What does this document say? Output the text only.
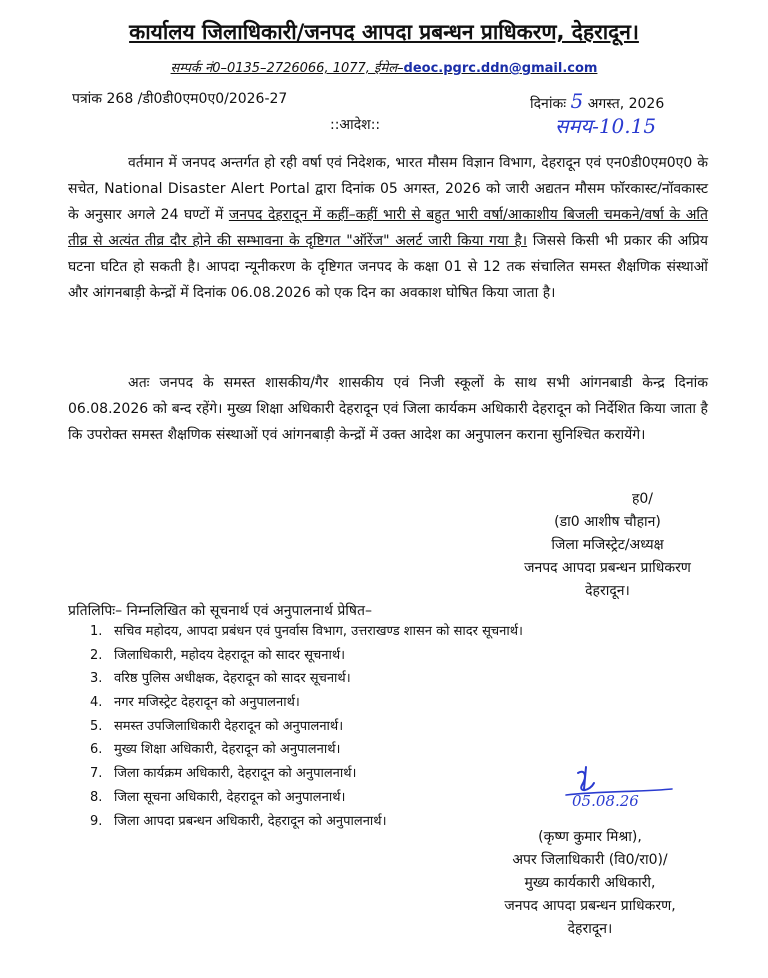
कार्यालय जिलाधिकारी/जनपद आपदा प्रबन्धन प्राधिकरण, देहरादून।
सम्पर्क नं0–0135–2726066, 1077, ईमेल–deoc.pgrc.ddn@gmail.com
पत्रांक 268 /डी0डी0एम0ए0/2026-27	दिनांकः 5 अगस्त, 2026
::आदेश::	समय-10.15

वर्तमान में जनपद अन्तर्गत हो रही वर्षा एवं निदेशक, भारत मौसम विज्ञान विभाग, देहरादून एवं एन0डी0एम0ए0 के सचेत, National Disaster Alert Portal द्वारा दिनांक 05 अगस्त, 2026 को जारी अद्यतन मौसम फॉरकास्ट/नॉवकास्ट के अनुसार अगले 24 घण्टों में जनपद देहरादून में कहीं–कहीं भारी से बहुत भारी वर्षा/आकाशीय बिजली चमकने/वर्षा के अति तीव्र से अत्यंत तीव्र दौर होने की सम्भावना के दृष्टिगत "ऑरेंज" अलर्ट जारी किया गया है। जिससे किसी भी प्रकार की अप्रिय घटना घटित हो सकती है। आपदा न्यूनीकरण के दृष्टिगत जनपद के कक्षा 01 से 12 तक संचालित समस्त शैक्षणिक संस्थाओं और आंगनबाड़ी केन्द्रों में दिनांक 06.08.2026 को एक दिन का अवकाश घोषित किया जाता है।

अतः जनपद के समस्त शासकीय/गैर शासकीय एवं निजी स्कूलों के साथ सभी आंगनबाडी केन्द्र दिनांक 06.08.2026 को बन्द रहेंगे। मुख्य शिक्षा अधिकारी देहरादून एवं जिला कार्यकम अधिकारी देहरादून को निर्देशित किया जाता है कि उपरोक्त समस्त शैक्षणिक संस्थाओं एवं आंगनबाड़ी केन्द्रों में उक्त आदेश का अनुपालन कराना सुनिश्चित करायेंगे।

ह0/
(डा0 आशीष चौहान)
जिला मजिस्ट्रेट/अध्यक्ष
जनपद आपदा प्रबन्धन प्राधिकरण
देहरादून।
प्रतिलिपिः– निम्नलिखित को सूचनार्थ एवं अनुपालनार्थ प्रेषित–
1. सचिव महोदय, आपदा प्रबंधन एवं पुनर्वास विभाग, उत्तराखण्ड शासन को सादर सूचनार्थ।
2. जिलाधिकारी, महोदय देहरादून को सादर सूचनार्थ।
3. वरिष्ठ पुलिस अधीक्षक, देहरादून को सादर सूचनार्थ।
4. नगर मजिस्ट्रेट देहरादून को अनुपालनार्थ।
5. समस्त उपजिलाधिकारी देहरादून को अनुपालनार्थ।
6. मुख्य शिक्षा अधिकारी, देहरादून को अनुपालनार्थ।
7. जिला कार्यक्रम अधिकारी, देहरादून को अनुपालनार्थ।
8. जिला सूचना अधिकारी, देहरादून को अनुपालनार्थ।
9. जिला आपदा प्रबन्धन अधिकारी, देहरादून को अनुपालनार्थ।
05.08.26
(कृष्ण कुमार मिश्रा),
अपर जिलाधिकारी (वि0/रा0)/
मुख्य कार्यकारी अधिकारी,
जनपद आपदा प्रबन्धन प्राधिकरण,
देहरादून।
